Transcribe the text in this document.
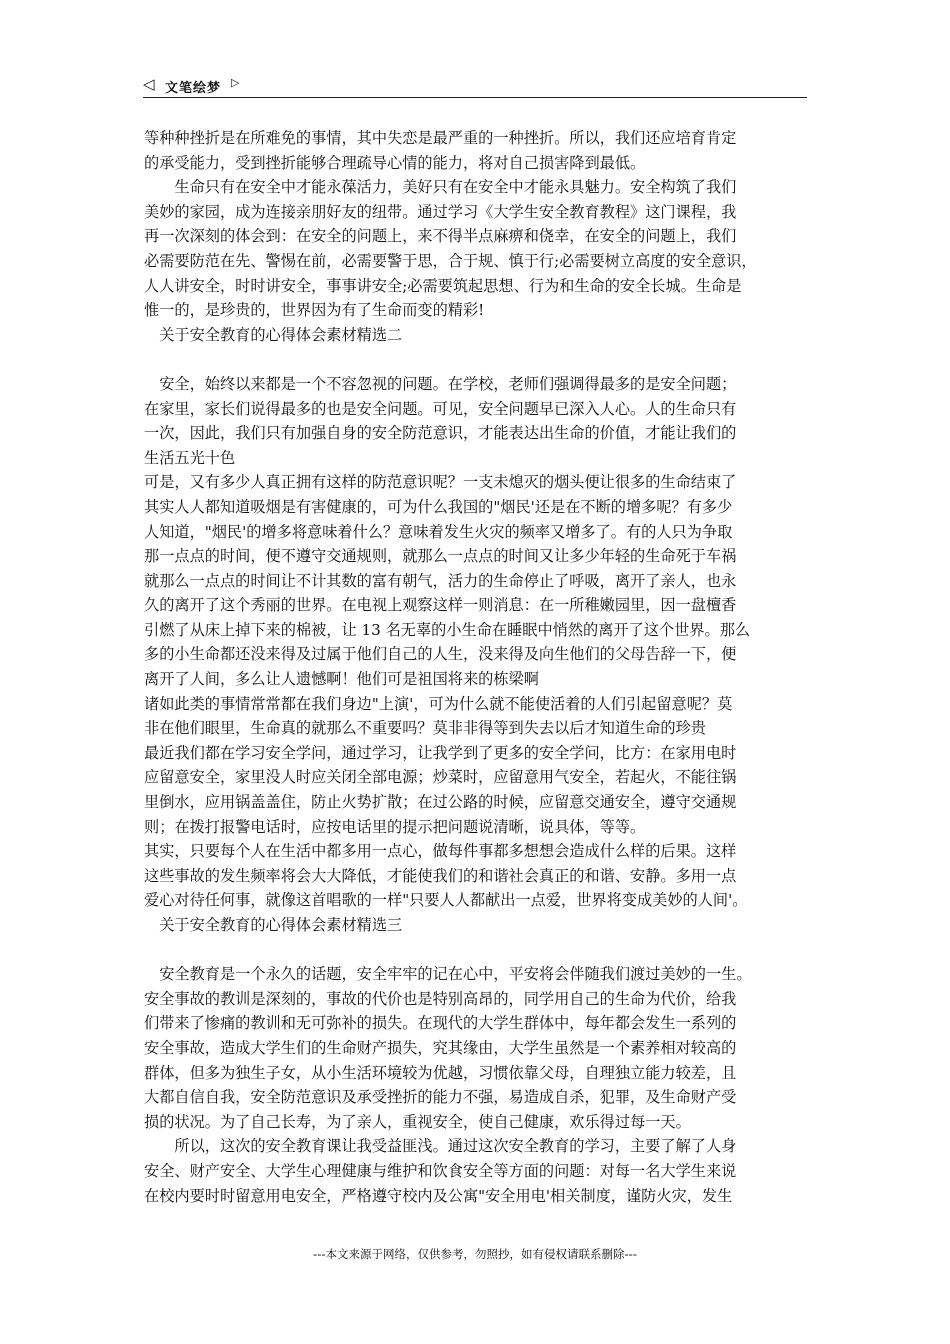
◁ 文笔绘梦 ▷
等种种挫折是在所难免的事情，其中失恋是最严重的一种挫折。所以，我们还应培育肯定
的承受能力，受到挫折能够合理疏导心情的能力，将对自己损害降到最低。
　　生命只有在安全中才能永葆活力，美好只有在安全中才能永具魅力。安全构筑了我们
美妙的家园，成为连接亲朋好友的纽带。通过学习《大学生安全教育教程》这门课程，我
再一次深刻的体会到：在安全的问题上，来不得半点麻痹和侥幸，在安全的问题上，我们
必需要防范在先、警惕在前，必需要警于思，合于规、慎于行;必需要树立高度的安全意识，
人人讲安全，时时讲安全，事事讲安全;必需要筑起思想、行为和生命的安全长城。生命是
惟一的，是珍贵的，世界因为有了生命而变的精彩!
　关于安全教育的心得体会素材精选二
　安全，始终以来都是一个不容忽视的问题。在学校，老师们强调得最多的是安全问题；
在家里，家长们说得最多的也是安全问题。可见，安全问题早已深入人心。人的生命只有
一次，因此，我们只有加强自身的安全防范意识，才能表达出生命的价值，才能让我们的
生活五光十色
可是，又有多少人真正拥有这样的防范意识呢？一支未熄灭的烟头便让很多的生命结束了
其实人人都知道吸烟是有害健康的，可为什么我国的"烟民'还是在不断的增多呢？有多少
人知道，"烟民'的增多将意味着什么？意味着发生火灾的频率又增多了。有的人只为争取
那一点点的时间，便不遵守交通规则，就那么一点点的时间又让多少年轻的生命死于车祸
就那么一点点的时间让不计其数的富有朝气，活力的生命停止了呼吸，离开了亲人，也永
久的离开了这个秀丽的世界。在电视上观察这样一则消息：在一所稚嫩园里，因一盘檀香
引燃了从床上掉下来的棉被，让 13 名无辜的小生命在睡眠中悄然的离开了这个世界。那么
多的小生命都还没来得及过属于他们自己的人生，没来得及向生他们的父母告辞一下，便
离开了人间，多么让人遗憾啊！他们可是祖国将来的栋梁啊
诸如此类的事情常常都在我们身边"上演'，可为什么就不能使活着的人们引起留意呢？莫
非在他们眼里，生命真的就那么不重要吗？莫非非得等到失去以后才知道生命的珍贵
最近我们都在学习安全学问，通过学习，让我学到了更多的安全学问，比方：在家用电时
应留意安全，家里没人时应关闭全部电源；炒菜时，应留意用气安全，若起火，不能往锅
里倒水，应用锅盖盖住，防止火势扩散；在过公路的时候，应留意交通安全，遵守交通规
则；在拨打报警电话时，应按电话里的提示把问题说清晰，说具体，等等。
其实，只要每个人在生活中都多用一点心，做每件事都多想想会造成什么样的后果。这样
这些事故的发生频率将会大大降低，才能使我们的和谐社会真正的和谐、安静。多用一点
爱心对待任何事，就像这首唱歌的一样"只要人人都献出一点爱，世界将变成美妙的人间'。
　关于安全教育的心得体会素材精选三
　安全教育是一个永久的话题，安全牢牢的记在心中，平安将会伴随我们渡过美妙的一生。
安全事故的教训是深刻的，事故的代价也是特别高昂的，同学用自己的生命为代价，给我
们带来了惨痛的教训和无可弥补的损失。在现代的大学生群体中，每年都会发生一系列的
安全事故，造成大学生们的生命财产损失，究其缘由，大学生虽然是一个素养相对较高的
群体，但多为独生子女，从小生活环境较为优越，习惯依靠父母，自理独立能力较差，且
大都自信自我，安全防范意识及承受挫折的能力不强，易造成自杀，犯罪，及生命财产受
损的状况。为了自己长寿，为了亲人，重视安全，使自己健康，欢乐得过每一天。
　　所以，这次的安全教育课让我受益匪浅。通过这次安全教育的学习，主要了解了人身
安全、财产安全、大学生心理健康与维护和饮食安全等方面的问题：对每一名大学生来说
在校内要时时留意用电安全，严格遵守校内及公寓"安全用电'相关制度，谨防火灾，发生
---本文来源于网络，仅供参考，勿照抄，如有侵权请联系删除---
